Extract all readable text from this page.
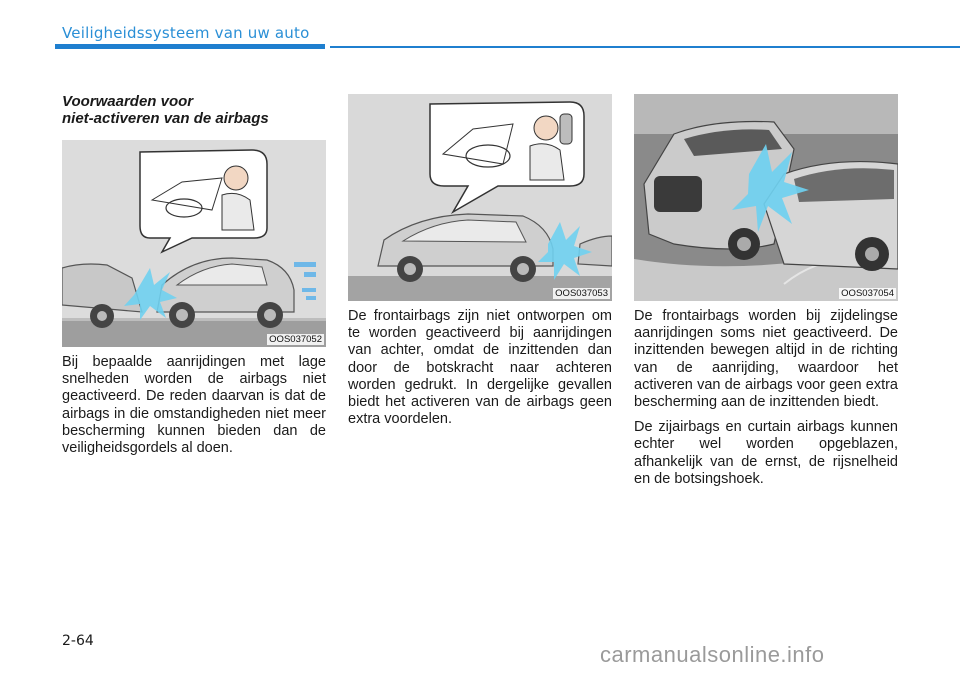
Veiligheidssysteem van uw auto
Voorwaarden voor
niet-activeren van de airbags
OOS037052
OOS037053	OOS037054

Bij bepaalde aanrijdingen met lage snelheden worden de airbags niet geactiveerd. De reden daarvan is dat de airbags in die omstandigheden niet meer bescherming kunnen bieden dan de veiligheidsgordels al doen.

De frontairbags zijn niet ontworpen om te worden geactiveerd bij aanrijdingen van achter, omdat de inzittenden dan door de botskracht naar achteren worden gedrukt. In dergelijke gevallen biedt het activeren van de airbags geen extra voordelen.

De frontairbags worden bij zijdelingse aanrijdingen soms niet geactiveerd. De inzittenden bewegen altijd in de richting van de aanrijding, waardoor het activeren van de airbags voor geen extra bescherming aan de inzittenden biedt.

De zijairbags en curtain airbags kunnen echter wel worden opgeblazen, afhankelijk van de ernst, de rijsnelheid en de botsingshoek.

2-64
carmanualsonline.info
